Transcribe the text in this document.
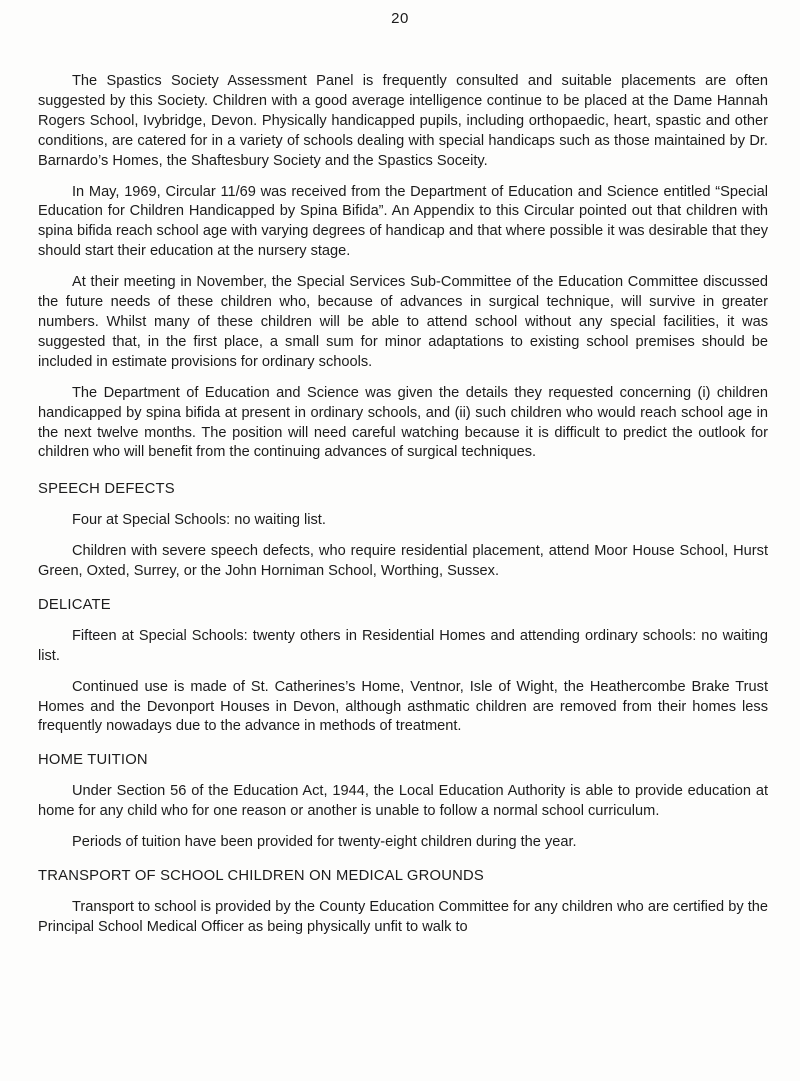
20

The Spastics Society Assessment Panel is frequently consulted and suitable placements are often suggested by this Society. Children with a good average intelligence continue to be placed at the Dame Hannah Rogers School, Ivybridge, Devon. Physically handicapped pupils, including orthopaedic, heart, spastic and other conditions, are catered for in a variety of schools dealing with special handicaps such as those maintained by Dr. Barnardo’s Homes, the Shaftesbury Society and the Spastics Soceity.

In May, 1969, Circular 11/69 was received from the Department of Education and Science entitled “Special Education for Children Handicapped by Spina Bifida”. An Appendix to this Circular pointed out that children with spina bifida reach school age with varying degrees of handicap and that where possible it was desirable that they should start their education at the nursery stage.

At their meeting in November, the Special Services Sub-Committee of the Education Committee discussed the future needs of these children who, because of advances in surgical technique, will survive in greater numbers. Whilst many of these children will be able to attend school without any special facilities, it was suggested that, in the first place, a small sum for minor adaptations to existing school premises should be included in estimate provisions for ordinary schools.

The Department of Education and Science was given the details they requested concerning (i) children handicapped by spina bifida at present in ordinary schools, and (ii) such children who would reach school age in the next twelve months. The position will need careful watching because it is difficult to predict the outlook for children who will benefit from the continuing advances of surgical techniques.

SPEECH DEFECTS

Four at Special Schools: no waiting list.

Children with severe speech defects, who require residential placement, attend Moor House School, Hurst Green, Oxted, Surrey, or the John Horniman School, Worthing, Sussex.

DELICATE

Fifteen at Special Schools: twenty others in Residential Homes and attending ordinary schools: no waiting list.

Continued use is made of St. Catherines’s Home, Ventnor, Isle of Wight, the Heathercombe Brake Trust Homes and the Devonport Houses in Devon, although asthmatic children are removed from their homes less frequently nowadays due to the advance in methods of treatment.

HOME TUITION

Under Section 56 of the Education Act, 1944, the Local Education Authority is able to provide education at home for any child who for one reason or another is unable to follow a normal school curriculum.

Periods of tuition have been provided for twenty-eight children during the year.

TRANSPORT OF SCHOOL CHILDREN ON MEDICAL GROUNDS

Transport to school is provided by the County Education Committee for any children who are certified by the Principal School Medical Officer as being physically unfit to walk to
